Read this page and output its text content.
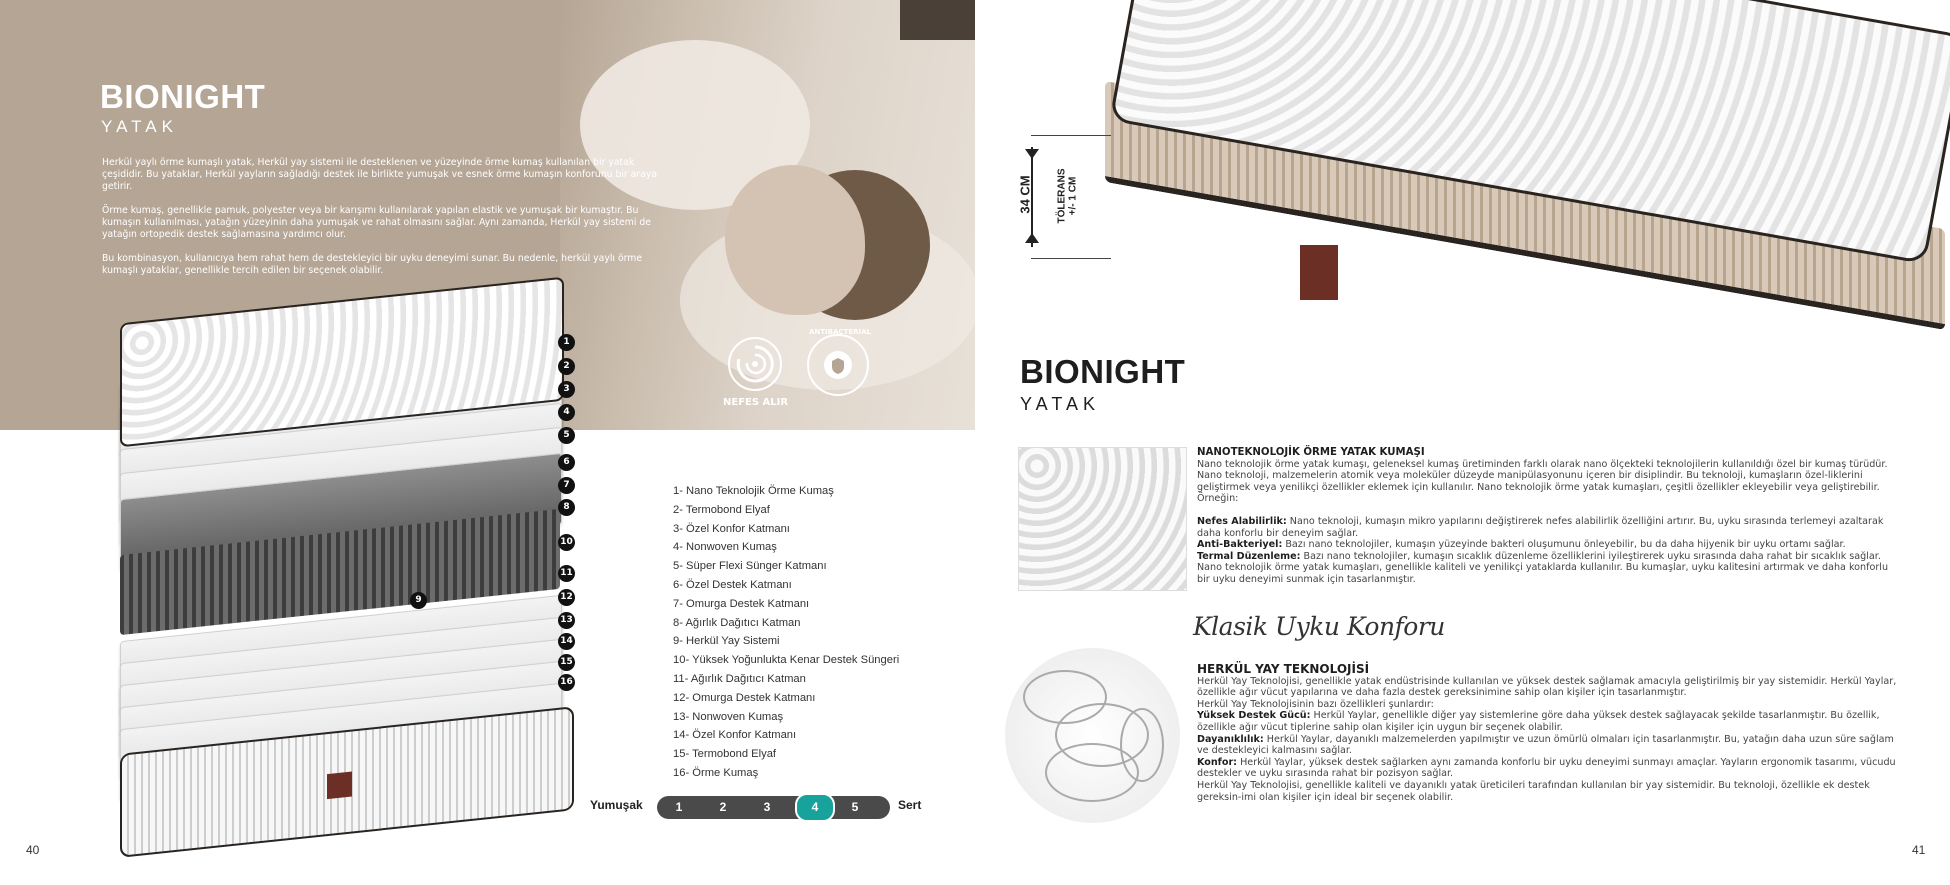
BIONIGHT
YATAK

Herkül yaylı örme kumaşlı yatak, Herkül yay sistemi ile desteklenen ve yüzeyinde örme kumaş kullanılan bir yatak çeşididir. Bu yataklar, Herkül yayların sağladığı destek ile birlikte yumuşak ve esnek örme kumaşın konforunu bir araya getirir.

Örme kumaş, genellikle pamuk, polyester veya bir karışımı kullanılarak yapılan elastik ve yumuşak bir kumaştır. Bu kumaşın kullanılması, yatağın yüzeyinin daha yumuşak ve rahat olmasını sağlar. Aynı zamanda, Herkül yay sistemi de yatağın ortopedik destek sağlamasına yardımcı olur.

Bu kombinasyon, kullanıcıya hem rahat hem de destekleyici bir uyku deneyimi sunar. Bu nedenle, herkül yaylı örme kumaşlı yataklar, genellikle tercih edilen bir seçenek olabilir.

NEFES ALIR
ANTIBACTERIAL
1
2
3
4
5
6
7
8
9
10
11
12
13
14
15
16
1- Nano Teknolojik Örme Kumaş
2- Termobond Elyaf
3- Özel Konfor Katmanı
4- Nonwoven Kumaş
5- Süper Flexi Sünger Katmanı
6- Özel Destek Katmanı
7- Omurga Destek Katmanı
8- Ağırlık Dağıtıcı Katman
9- Herkül Yay Sistemi
10- Yüksek Yoğunlukta Kenar Destek Süngeri
11- Ağırlık Dağıtıcı Katman
12- Omurga Destek Katmanı
13- Nonwoven Kumaş
14- Özel Konfor Katmanı
15- Termobond Elyaf
16- Örme Kumaş
Yumuşak	1	2	3	4	5	Sert
40
34 CM TÖLERANS
+/- 1 CM
BIONIGHT
YATAK
NANOTEKNOLOJİK ÖRME YATAK KUMAŞI

Nano teknolojik örme yatak kumaşı, geleneksel kumaş üretiminden farklı olarak nano ölçekteki teknolojilerin kullanıldığı özel bir kumaş türüdür. Nano teknoloji, malzemelerin atomik veya moleküler düzeyde manipülasyonunu içeren bir disiplindir. Bu teknoloji, kumaşların özel-liklerini geliştirmek veya yenilikçi özellikler eklemek için kullanılır. Nano teknolojik örme yatak kumaşları, çeşitli özellikler ekleyebilir veya geliştirebilir. Örneğin:

Nefes Alabilirlik: Nano teknoloji, kumaşın mikro yapılarını değiştirerek nefes alabilirlik özelliğini artırır. Bu, uyku sırasında terlemeyi azaltarak daha konforlu bir deneyim sağlar.

Anti-Bakteriyel: Bazı nano teknolojiler, kumaşın yüzeyinde bakteri oluşumunu önleyebilir, bu da daha hijyenik bir uyku ortamı sağlar.

Termal Düzenleme: Bazı nano teknolojiler, kumaşın sıcaklık düzenleme özelliklerini iyileştirerek uyku sırasında daha rahat bir sıcaklık sağlar.

Nano teknolojik örme yatak kumaşları, genellikle kaliteli ve yenilikçi yataklarda kullanılır. Bu kumaşlar, uyku kalitesini artırmak ve daha konforlu bir uyku deneyimi sunmak için tasarlanmıştır.

Klasik Uyku Konforu
HERKÜL YAY TEKNOLOJİSİ

Herkül Yay Teknolojisi, genellikle yatak endüstrisinde kullanılan ve yüksek destek sağlamak amacıyla geliştirilmiş bir yay sistemidir. Herkül Yaylar, özellikle ağır vücut yapılarına ve daha fazla destek gereksinimine sahip olan kişiler için tasarlanmıştır.

Herkül Yay Teknolojisinin bazı özellikleri şunlardır:

Yüksek Destek Gücü: Herkül Yaylar, genellikle diğer yay sistemlerine göre daha yüksek destek sağlayacak şekilde tasarlanmıştır. Bu özellik, özellikle ağır vücut tiplerine sahip olan kişiler için uygun bir seçenek olabilir.

Dayanıklılık: Herkül Yaylar, dayanıklı malzemelerden yapılmıştır ve uzun ömürlü olmaları için tasarlanmıştır. Bu, yatağın daha uzun süre sağlam ve destekleyici kalmasını sağlar.

Konfor: Herkül Yaylar, yüksek destek sağlarken aynı zamanda konforlu bir uyku deneyimi sunmayı amaçlar. Yayların ergonomik tasarımı, vücudu destekler ve uyku sırasında rahat bir pozisyon sağlar.

Herkül Yay Teknolojisi, genellikle kaliteli ve dayanıklı yatak üreticileri tarafından kullanılan bir yay sistemidir. Bu teknoloji, özellikle ek destek gereksin-imi olan kişiler için ideal bir seçenek olabilir.

41
